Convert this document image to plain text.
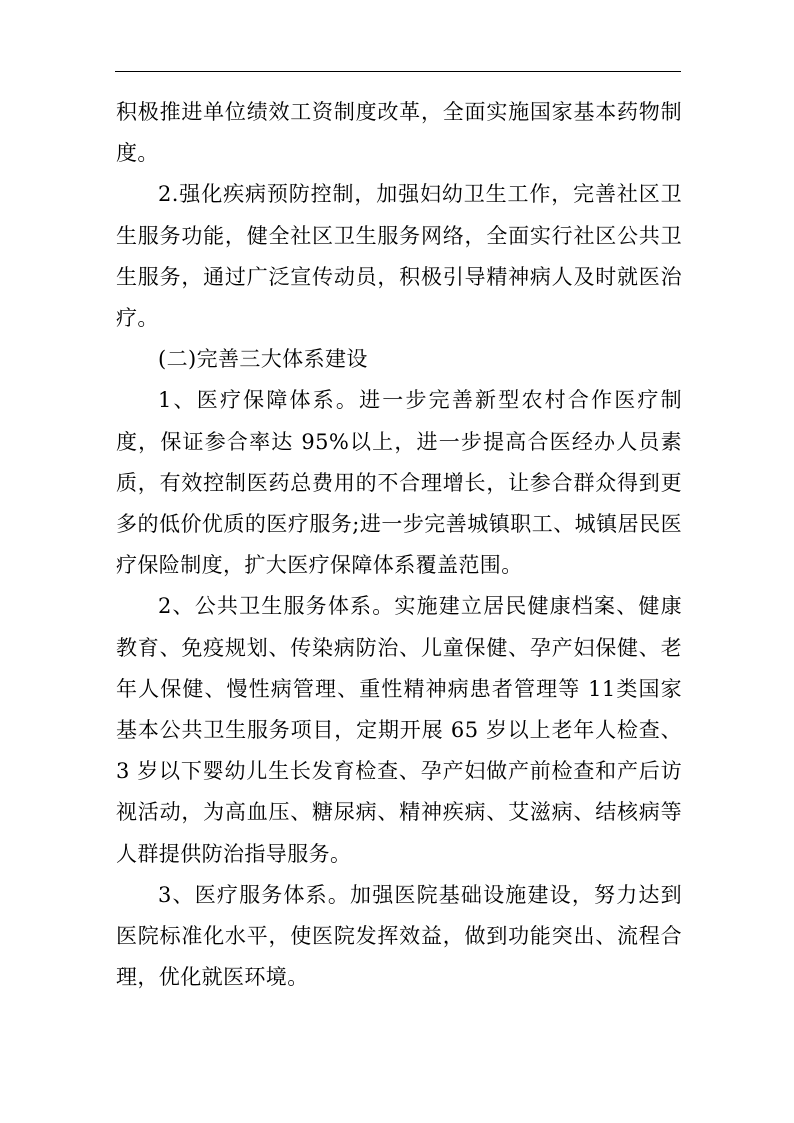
积极推进单位绩效工资制度改革，全面实施国家基本药物制度。

2.强化疾病预防控制，加强妇幼卫生工作，完善社区卫生服务功能，健全社区卫生服务网络，全面实行社区公共卫生服务，通过广泛宣传动员，积极引导精神病人及时就医治疗。

(二)完善三大体系建设

1、医疗保障体系。进一步完善新型农村合作医疗制度，保证参合率达 95%以上，进一步提高合医经办人员素质，有效控制医药总费用的不合理增长，让参合群众得到更多的低价优质的医疗服务;进一步完善城镇职工、城镇居民医疗保险制度，扩大医疗保障体系覆盖范围。

2、公共卫生服务体系。实施建立居民健康档案、健康教育、免疫规划、传染病防治、儿童保健、孕产妇保健、老年人保健、慢性病管理、重性精神病患者管理等 11类国家基本公共卫生服务项目，定期开展 65 岁以上老年人检查、3 岁以下婴幼儿生长发育检查、孕产妇做产前检查和产后访视活动，为高血压、糖尿病、精神疾病、艾滋病、结核病等人群提供防治指导服务。

3、医疗服务体系。加强医院基础设施建设，努力达到医院标准化水平，使医院发挥效益，做到功能突出、流程合理，优化就医环境。
